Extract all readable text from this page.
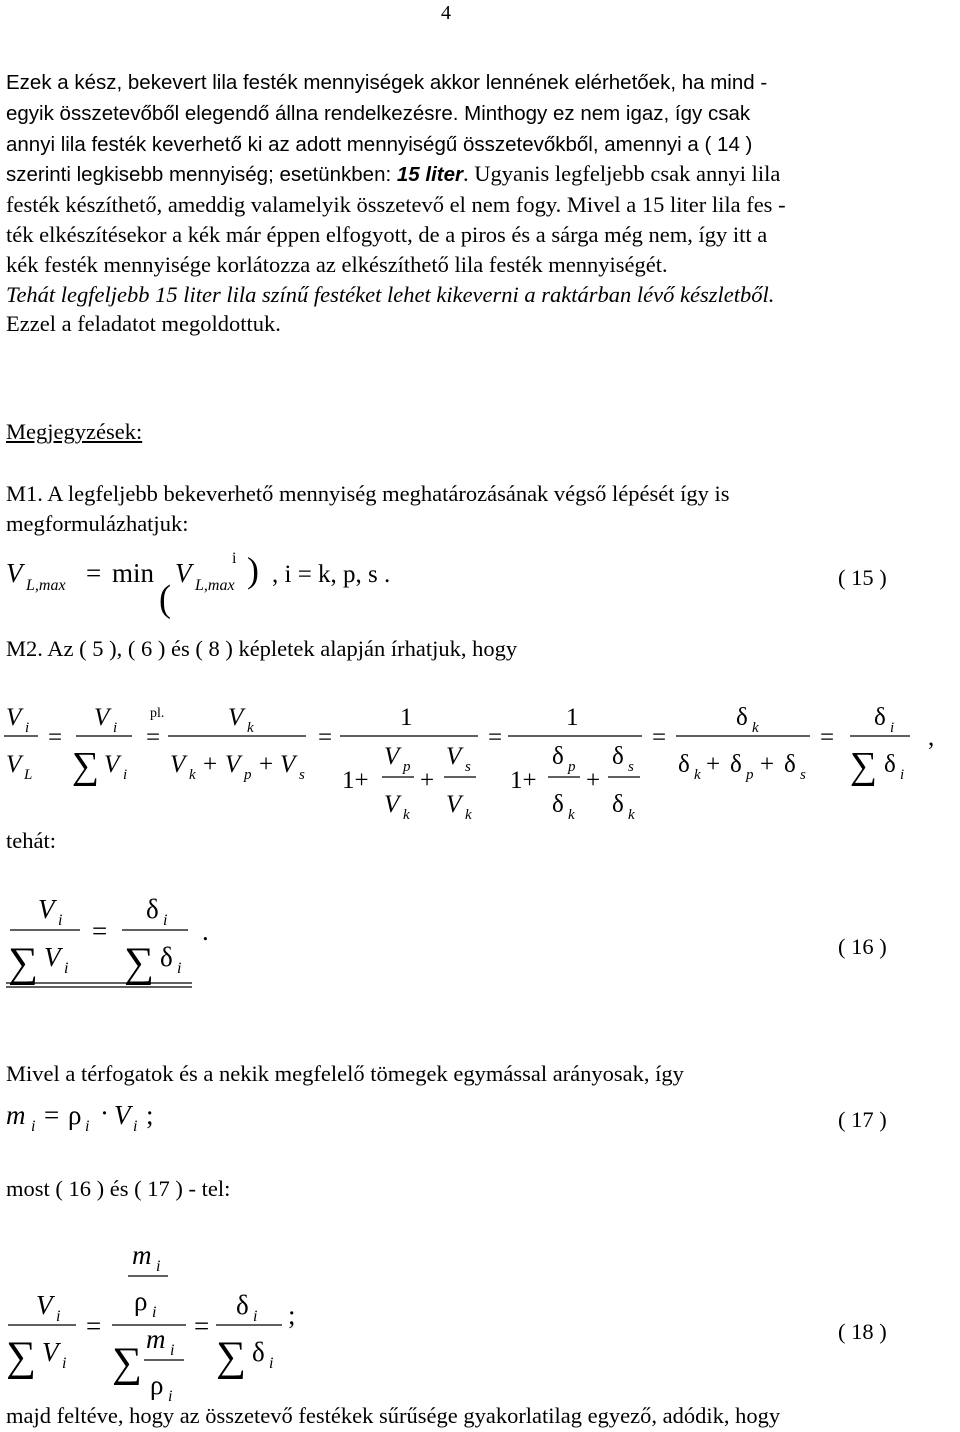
4

Ezek a kész, bekevert lila festék mennyiségek akkor lennének elérhetőek, ha mind -

egyik összetevőből elegendő állna rendelkezésre. Minthogy ez nem igaz, így csak

annyi lila festék keverhető ki az adott mennyiségű összetevőkből, amennyi a ( 14 )

szerinti legkisebb mennyiség; esetünkben: 15 liter. Ugyanis legfeljebb csak annyi lila

festék készíthető, ameddig valamelyik összetevő el nem fogy. Mivel a 15 liter lila fes -

ték elkészítésekor a kék már éppen elfogyott, de a piros és a sárga még nem, így itt a

kék festék mennyisége korlátozza az elkészíthető lila festék mennyiségét.

Tehát legfeljebb 15 liter lila színű festéket lehet kikeverni a raktárban lévő készletből.

Ezzel a feladatot megoldottuk.

Megjegyzések:
M1. A legfeljebb bekeverhető mennyiség meghatározásának végső lépését így is
megformulázhatjuk:
M2. Az ( 5 ), ( 6 ) és ( 8 ) képletek alapján írhatjuk, hogy
tehát:
Mivel a térfogatok és a nekik megfelelő tömegek egymással arányosak, így
most ( 16 ) és ( 17 ) - tel:
majd feltéve, hogy az összetevő festékek sűrűsége gyakorlatilag egyező, adódik, hogy
V L,max = min
(
V L,max
i ) , i = k, p, s .	( 15 )
V i
V L
=
V i
∑ V i
=
pl.	V k
V k + V p + V s
=
1
1+
V p
V k
+
V s
V k
=
1
1+
δ p
δ k
+
δ s
δ k
=
δ k
δ k + δ p + δ s
=
δ i
∑ δ i
,
V i
∑ V i
=
δ i
∑ δ i
.
( 16 )
m i = ρ i · V i ;	( 17 )
V i
∑ V i
=
m i
ρ i
∑
m i
ρ i
=
δ i
∑ δ i
;
( 18 )
